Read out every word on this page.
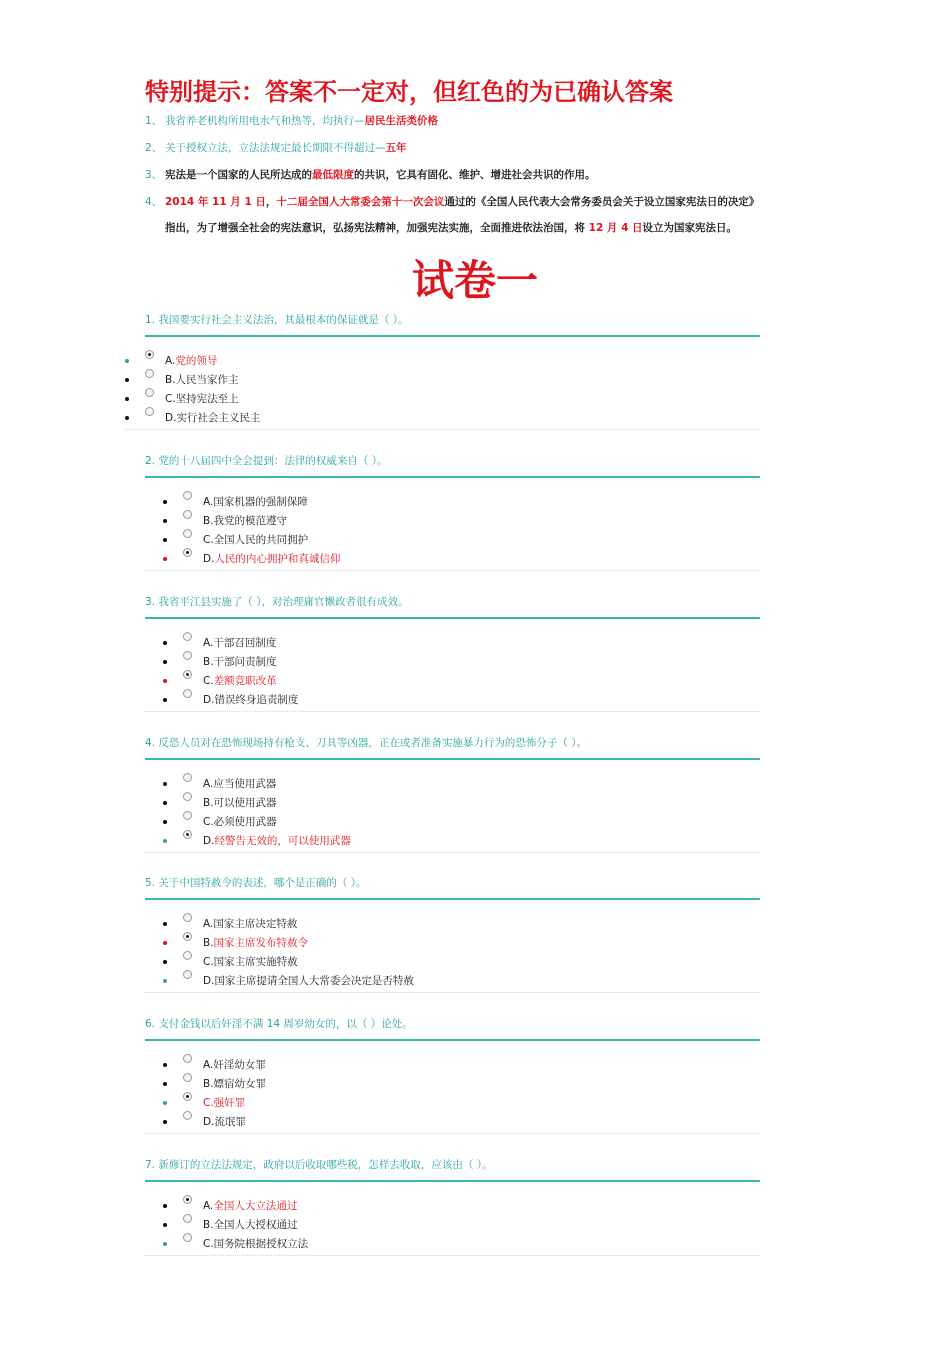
特别提示：答案不一定对，但红色的为已确认答案
1、 我省养老机构所用电水气和热等，均执行—居民生活类价格
2、 关于授权立法，立法法规定最长期限不得超过—五年
3、 宪法是一个国家的人民所达成的最低限度的共识，它具有固化、维护、增进社会共识的作用。
4、 2014 年 11 月 1 日，十二届全国人大常委会第十一次会议通过的《全国人民代表大会常务委员会关于设立国家宪法日的决定》指出，为了增强全社会的宪法意识，弘扬宪法精神，加强宪法实施，全面推进依法治国，将 12 月 4 日设立为国家宪法日。
试卷一
1. 我国要实行社会主义法治，其最根本的保证就是（ ）。
A.党的领导
B.人民当家作主
C.坚持宪法至上
D.实行社会主义民主
2. 党的十八届四中全会提到：法律的权威来自（ ）。
A.国家机器的强制保障
B.我党的模范遵守
C.全国人民的共同拥护
D.人民的内心拥护和真诚信仰
3. 我省平江县实施了（ ），对治理庸官懒政者很有成效。
A.干部召回制度
B.干部问责制度
C.差额竞职改革
D.错误终身追责制度
4. 反恐人员对在恐怖现场持有枪支、刀具等凶器，正在或者准备实施暴力行为的恐怖分子（ ）。
A.应当使用武器
B.可以使用武器
C.必须使用武器
D.经警告无效的，可以使用武器
5. 关于中国特赦令的表述，哪个是正确的（ ）。
A.国家主席决定特赦
B.国家主席发布特赦令
C.国家主席实施特赦
D.国家主席提请全国人大常委会决定是否特赦
6. 支付金钱以后奸淫不满 14 周岁幼女的，以（ ）论处。
A.奸淫幼女罪
B.嫖宿幼女罪
C.强奸罪
D.流氓罪
7. 新修订的立法法规定，政府以后收取哪些税，怎样去收取，应该由（ ）。
A.全国人大立法通过
B.全国人大授权通过
C.国务院根据授权立法
